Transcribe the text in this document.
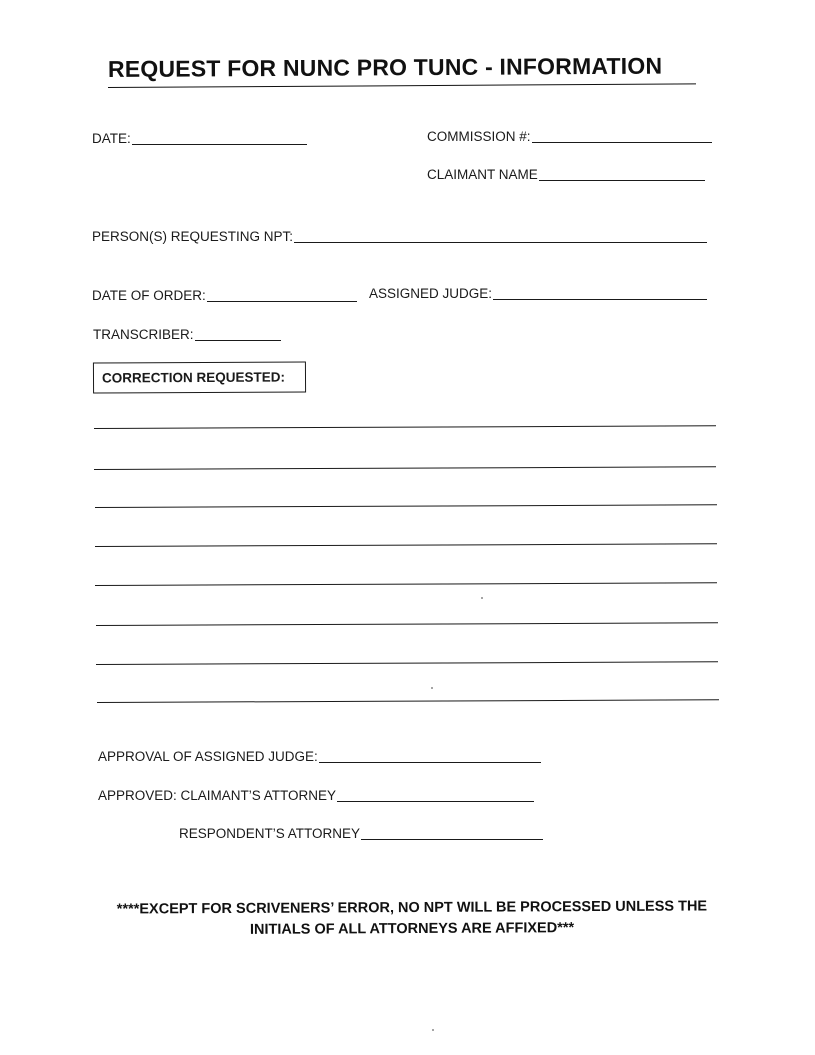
REQUEST FOR NUNC PRO TUNC - INFORMATION
DATE:	COMMISSION #:
CLAIMANT NAME
PERSON(S) REQUESTING NPT:
DATE OF ORDER:	ASSIGNED JUDGE:
TRANSCRIBER:
CORRECTION REQUESTED:
APPROVAL OF ASSIGNED JUDGE:
APPROVED: CLAIMANT’S ATTORNEY
RESPONDENT’S ATTORNEY
****EXCEPT FOR SCRIVENERS’ ERROR, NO NPT WILL BE PROCESSED UNLESS THE
INITIALS OF ALL ATTORNEYS ARE AFFIXED***
